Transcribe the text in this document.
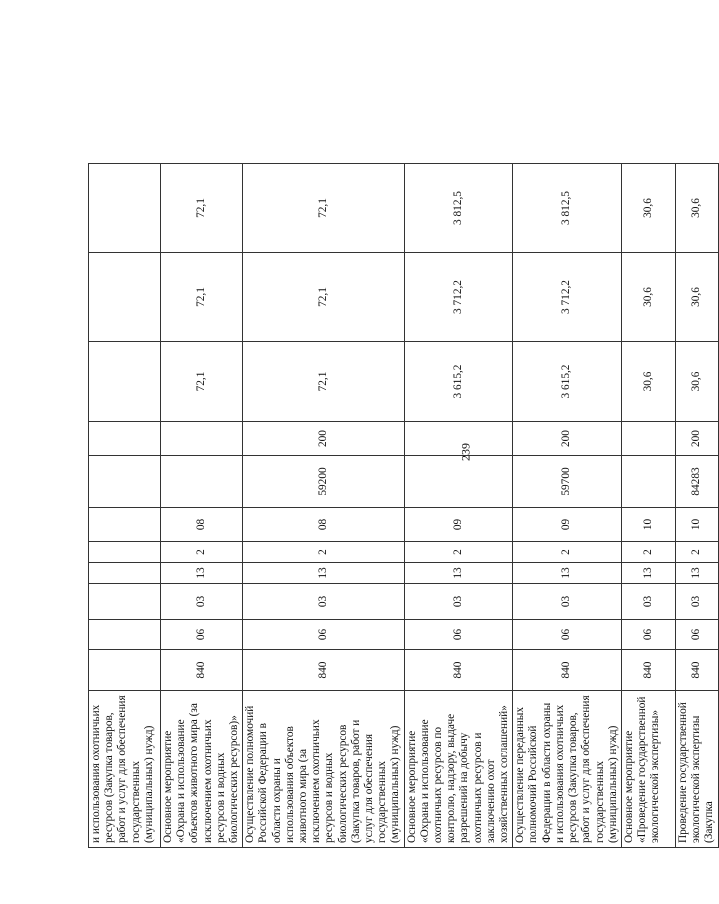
239
и использования охотничьих ресурсов (Закупка товаров, работ и услуг для обеспечения государственных (муниципальных) нужд)											
Основное мероприятие «Охрана и использование объектов животного мира (за исключением охотничьих ресурсов и водных биологических ресурсов)»	840	06	03	13	2	08			72,1	72,1	72,1
Осуществление полномочий Российской Федерации в области охраны и использования объектов животного мира (за исключением охотничьих ресурсов и водных биологических ресурсов (Закупка товаров, работ и услуг для обеспечения государственных (муниципальных) нужд)	840	06	03	13	2	08	59200	200	72,1	72,1	72,1
Основное мероприятие «Охрана и использование охотничьих ресурсов по контролю, надзору, выдаче разрешений на добычу охотничьих ресурсов и заключению охот хозяйственных соглашений»	840	06	03	13	2	09			3 615,2	3 712,2	3 812,5
Осуществление переданных полномочий Российской Федерации в области охраны и использования охотничьих ресурсов (Закупка товаров, работ и услуг для обеспечения государственных (муниципальных) нужд)	840	06	03	13	2	09	59700	200	3 615,2	3 712,2	3 812,5
Основное мероприятие «Проведение государственной экологической экспертизы»	840	06	03	13	2	10			30,6	30,6	30,6
Проведение государственной экологической экспертизы (Закупка	840	06	03	13	2	10	84283	200	30,6	30,6	30,6
